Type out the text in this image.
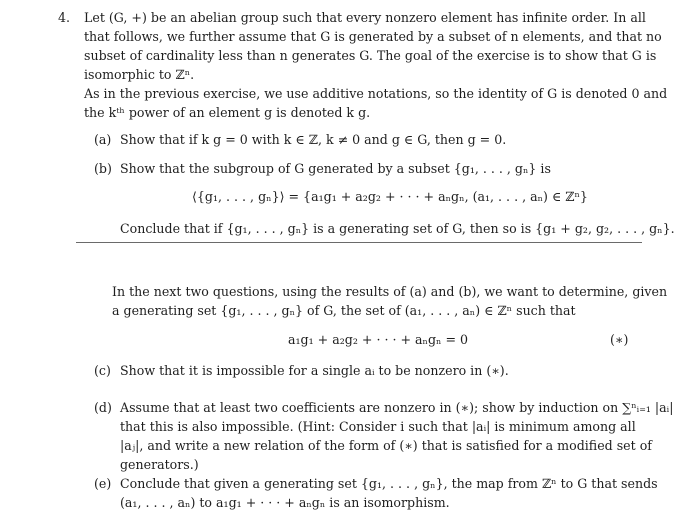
4. Let (G, +) be an abelian group such that every nonzero element has infinite order. In all
that follows, we further assume that G is generated by a subset of n elements, and that no
subset of cardinality less than n generates G. The goal of the exercise is to show that G is
isomorphic to ℤⁿ.
As in the previous exercise, we use additive notations, so the identity of G is denoted 0 and
the kᵗʰ power of an element g is denoted k g.
(a) Show that if k g = 0 with k ∈ ℤ, k ≠ 0 and g ∈ G, then g = 0.
(b) Show that the subgroup of G generated by a subset {g₁, . . . , gₙ} is
⟨{g₁, . . . , gₙ}⟩ = {a₁g₁ + a₂g₂ + · · · + aₙgₙ, (a₁, . . . , aₙ) ∈ ℤⁿ}
Conclude that if {g₁, . . . , gₙ} is a generating set of G, then so is {g₁ + g₂, g₂, . . . , gₙ}.
In the next two questions, using the results of (a) and (b), we want to determine, given
a generating set {g₁, . . . , gₙ} of G, the set of (a₁, . . . , aₙ) ∈ ℤⁿ such that
a₁g₁ + a₂g₂ + · · · + aₙgₙ = 0	(∗)
(c) Show that it is impossible for a single aᵢ to be nonzero in (∗).
(d) Assume that at least two coefficients are nonzero in (∗); show by induction on ∑ⁿᵢ₌₁ |aᵢ|
that this is also impossible. (Hint: Consider i such that |aᵢ| is minimum among all
|aⱼ|, and write a new relation of the form of (∗) that is satisfied for a modified set of
generators.)
(e) Conclude that given a generating set {g₁, . . . , gₙ}, the map from ℤⁿ to G that sends
(a₁, . . . , aₙ) to a₁g₁ + · · · + aₙgₙ is an isomorphism.
